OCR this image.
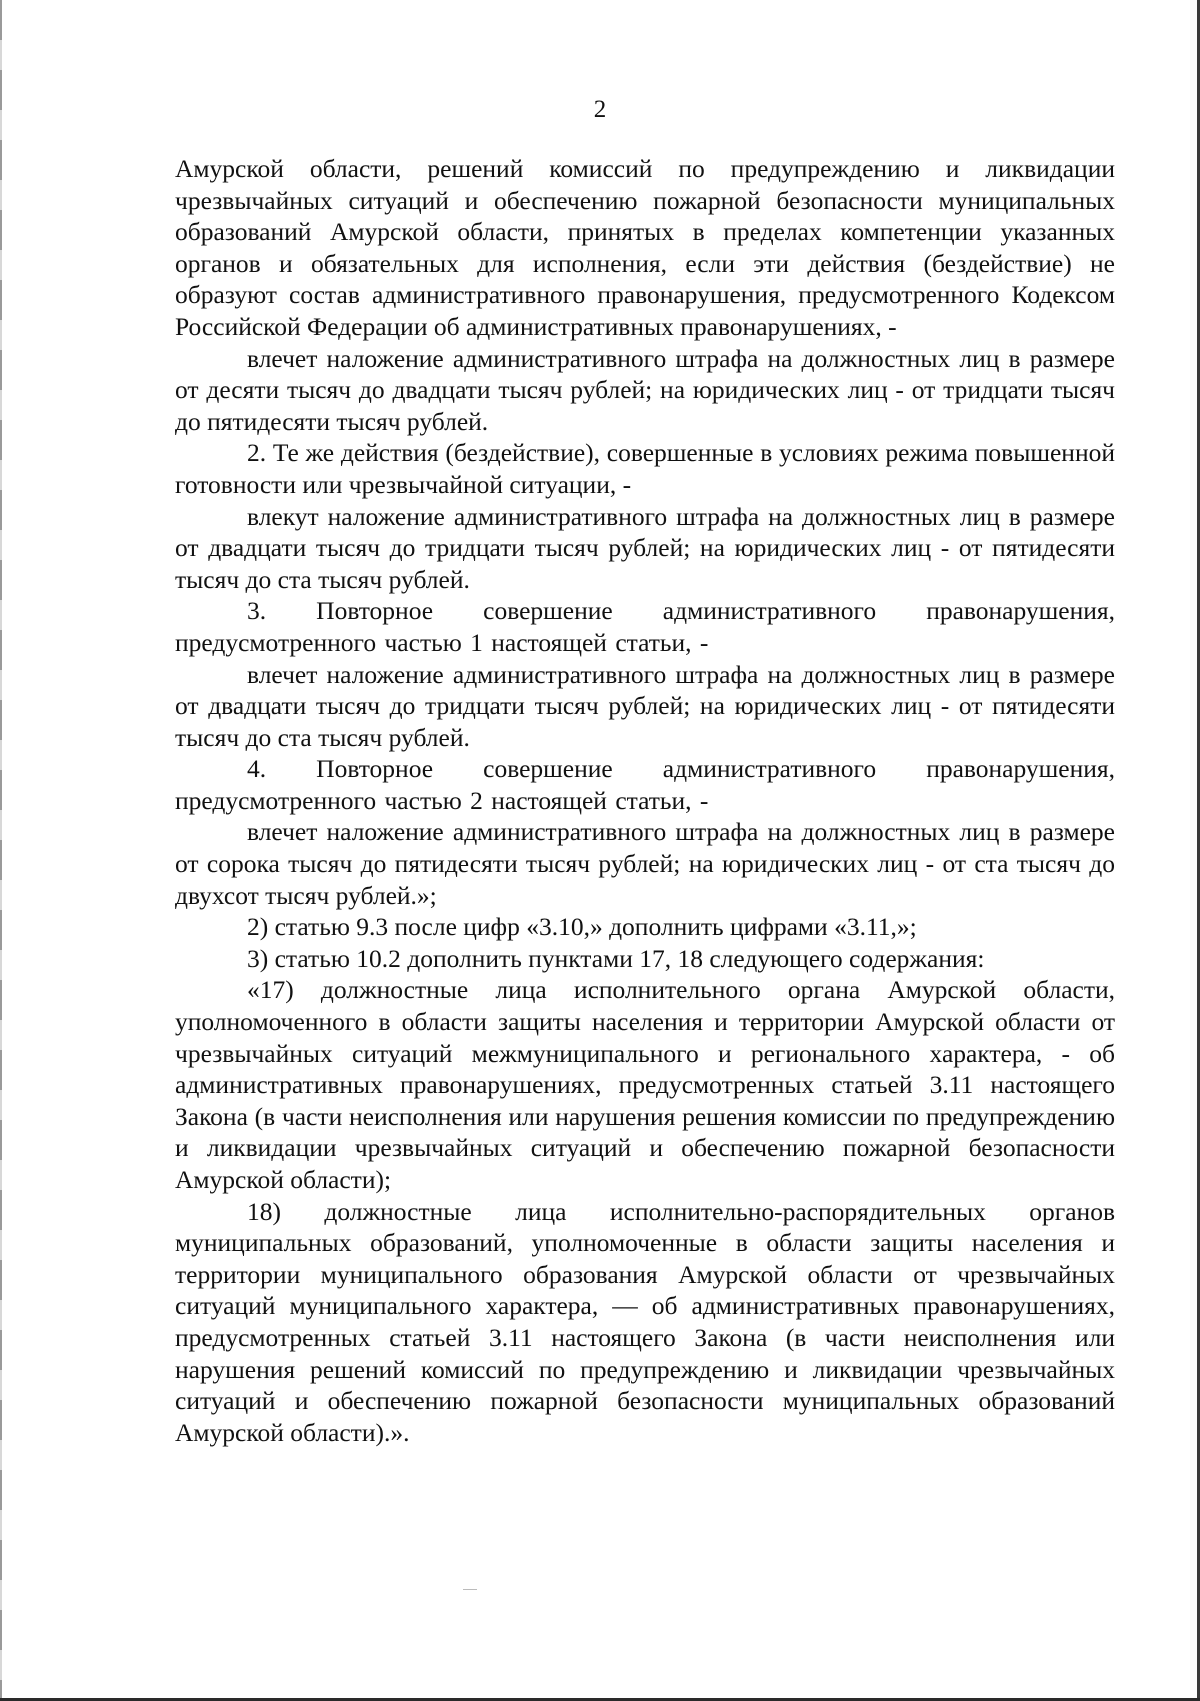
2

Амурской области, решений комиссий по предупреждению и ликвидации чрезвычайных ситуаций и обеспечению пожарной безопасности муниципальных образований Амурской области, принятых в пределах компетенции указанных органов и обязательных для исполнения, если эти действия (бездействие) не образуют состав административного правонарушения, предусмотренного Кодексом Российской Федерации об административных правонарушениях, -

влечет наложение административного штрафа на должностных лиц в размере от десяти тысяч до двадцати тысяч рублей; на юридических лиц - от тридцати тысяч до пятидесяти тысяч рублей.

2. Те же действия (бездействие), совершенные в условиях режима повышенной готовности или чрезвычайной ситуации, -

влекут наложение административного штрафа на должностных лиц в размере от двадцати тысяч до тридцати тысяч рублей; на юридических лиц - от пятидесяти тысяч до ста тысяч рублей.

3. Повторное совершение административного правонарушения, предусмотренного частью 1 настоящей статьи, -

влечет наложение административного штрафа на должностных лиц в размере от двадцати тысяч до тридцати тысяч рублей; на юридических лиц - от пятидесяти тысяч до ста тысяч рублей.

4. Повторное совершение административного правонарушения, предусмотренного частью 2 настоящей статьи, -

влечет наложение административного штрафа на должностных лиц в размере от сорока тысяч до пятидесяти тысяч рублей; на юридических лиц - от ста тысяч до двухсот тысяч рублей.»;

2) статью 9.3 после цифр «3.10,» дополнить цифрами «3.11,»;

3) статью 10.2 дополнить пунктами 17, 18 следующего содержания:

«17) должностные лица исполнительного органа Амурской области, уполномоченного в области защиты населения и территории Амурской области от чрезвычайных ситуаций межмуниципального и регионального характера, - об административных правонарушениях, предусмотренных статьей 3.11 настоящего Закона (в части неисполнения или нарушения решения комиссии по предупреждению и ликвидации чрезвычайных ситуаций и обеспечению пожарной безопасности Амурской области);

18) должностные лица исполнительно-распорядительных органов муниципальных образований, уполномоченные в области защиты населения и территории муниципального образования Амурской области от чрезвычайных ситуаций муниципального характера, — об административных правонарушениях, предусмотренных статьей 3.11 настоящего Закона (в части неисполнения или нарушения решений комиссий по предупреждению и ликвидации чрезвычайных ситуаций и обеспечению пожарной безопасности муниципальных образований Амурской области).».
